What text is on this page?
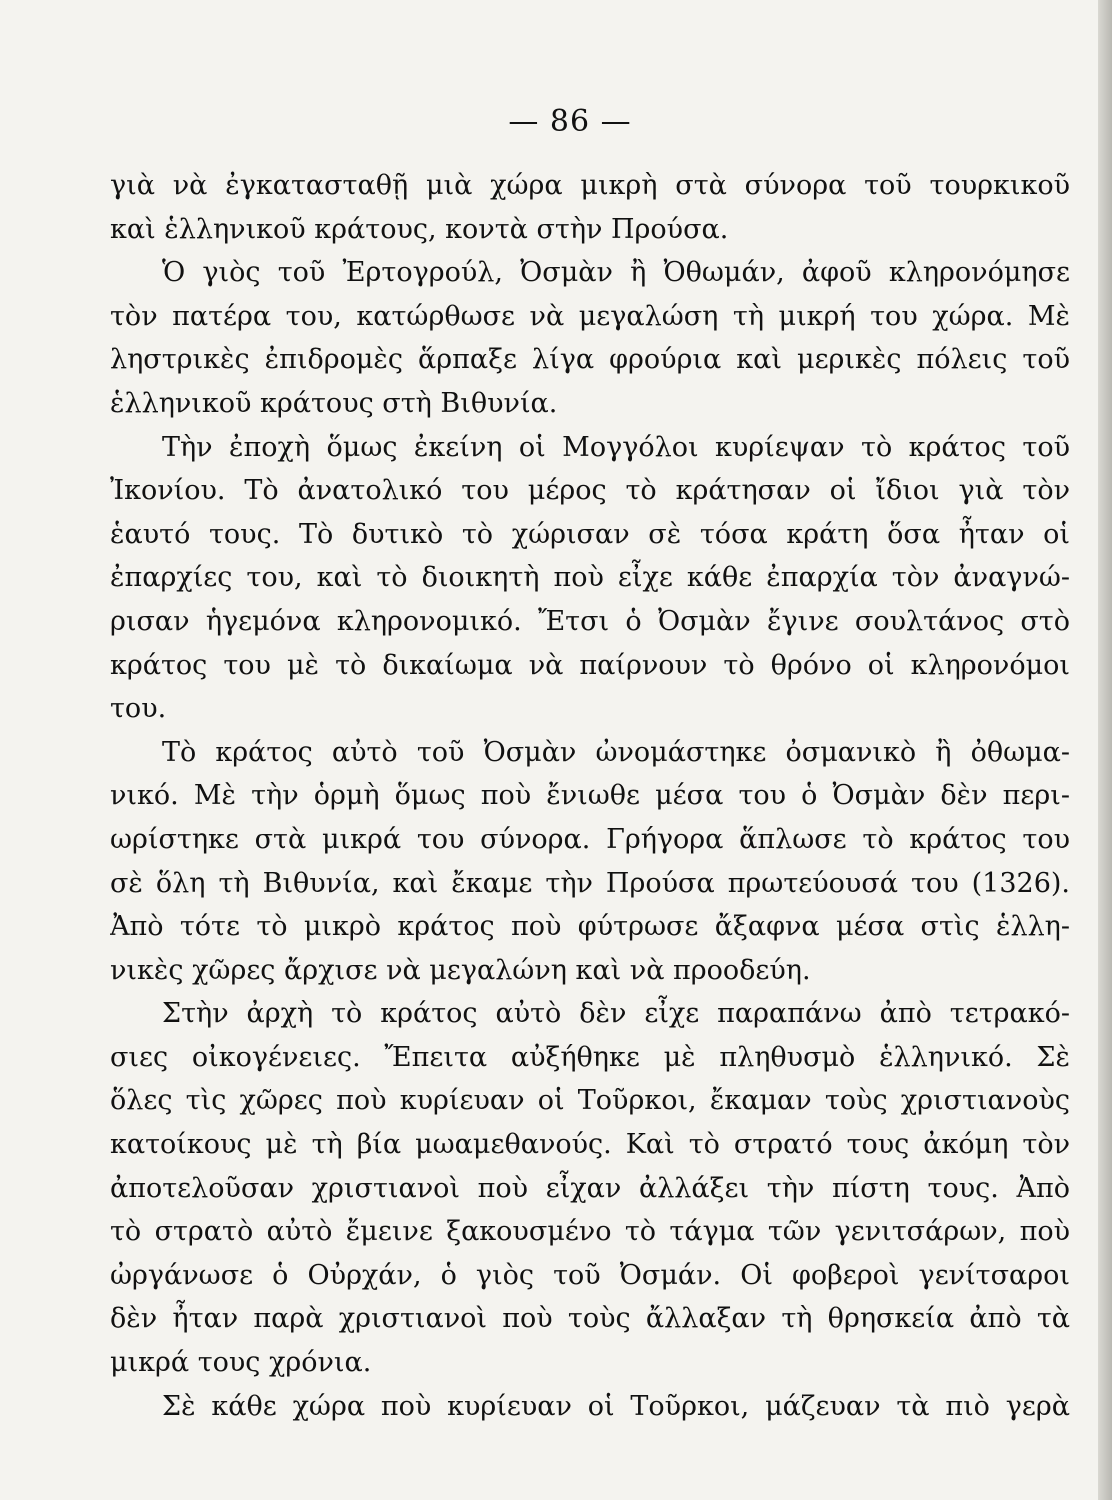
— 86 —
γιὰ νὰ ἐγκατασταθῇ μιὰ χώρα μικρὴ στὰ σύνορα τοῦ τουρκικοῦ
καὶ ἑλληνικοῦ κράτους, κοντὰ στὴν Προύσα.
Ὁ γιὸς τοῦ Ἐρτογρούλ, Ὀσμὰν ἢ Ὀθωμάν, ἀφοῦ κληρονόμησε
τὸν πατέρα του, κατώρθωσε νὰ μεγαλώση τὴ μικρή του χώρα. Μὲ
ληστρικὲς ἐπιδρομὲς ἅρπαξε λίγα φρούρια καὶ μερικὲς πόλεις τοῦ
ἑλληνικοῦ κράτους στὴ Βιθυνία.
Τὴν ἐποχὴ ὅμως ἐκείνη οἱ Μογγόλοι κυρίεψαν τὸ κράτος τοῦ
Ἰκονίου. Τὸ ἀνατολικό του μέρος τὸ κράτησαν οἱ ἴδιοι γιὰ τὸν
ἑαυτό τους. Τὸ δυτικὸ τὸ χώρισαν σὲ τόσα κράτη ὅσα ἦταν οἱ
ἐπαρχίες του, καὶ τὸ διοικητὴ ποὺ εἶχε κάθε ἐπαρχία τὸν ἀναγνώ-
ρισαν ἡγεμόνα κληρονομικό. Ἔτσι ὁ Ὀσμὰν ἔγινε σουλτάνος στὸ
κράτος του μὲ τὸ δικαίωμα νὰ παίρνουν τὸ θρόνο οἱ κληρονόμοι
του.
Τὸ κράτος αὐτὸ τοῦ Ὀσμὰν ὠνομάστηκε ὀσμανικὸ ἢ ὀθωμα-
νικό. Μὲ τὴν ὁρμὴ ὅμως ποὺ ἔνιωθε μέσα του ὁ Ὀσμὰν δὲν περι-
ωρίστηκε στὰ μικρά του σύνορα. Γρήγορα ἅπλωσε τὸ κράτος του
σὲ ὅλη τὴ Βιθυνία, καὶ ἔκαμε τὴν Προύσα πρωτεύουσά του (1326).
Ἀπὸ τότε τὸ μικρὸ κράτος ποὺ φύτρωσε ἄξαφνα μέσα στὶς ἑλλη-
νικὲς χῶρες ἄρχισε νὰ μεγαλώνη καὶ νὰ προοδεύη.
Στὴν ἀρχὴ τὸ κράτος αὐτὸ δὲν εἶχε παραπάνω ἀπὸ τετρακό-
σιες οἰκογένειες. Ἔπειτα αὐξήθηκε μὲ πληθυσμὸ ἑλληνικό. Σὲ
ὅλες τὶς χῶρες ποὺ κυρίευαν οἱ Τοῦρκοι, ἔκαμαν τοὺς χριστιανοὺς
κατοίκους μὲ τὴ βία μωαμεθανούς. Καὶ τὸ στρατό τους ἀκόμη τὸν
ἀποτελοῦσαν χριστιανοὶ ποὺ εἶχαν ἀλλάξει τὴν πίστη τους. Ἀπὸ
τὸ στρατὸ αὐτὸ ἔμεινε ξακουσμένο τὸ τάγμα τῶν γενιτσάρων, ποὺ
ὠργάνωσε ὁ Οὐρχάν, ὁ γιὸς τοῦ Ὀσμάν. Οἱ φοβεροὶ γενίτσαροι
δὲν ἦταν παρὰ χριστιανοὶ ποὺ τοὺς ἄλλαξαν τὴ θρησκεία ἀπὸ τὰ
μικρά τους χρόνια.
Σὲ κάθε χώρα ποὺ κυρίευαν οἱ Τοῦρκοι, μάζευαν τὰ πιὸ γερὰ
